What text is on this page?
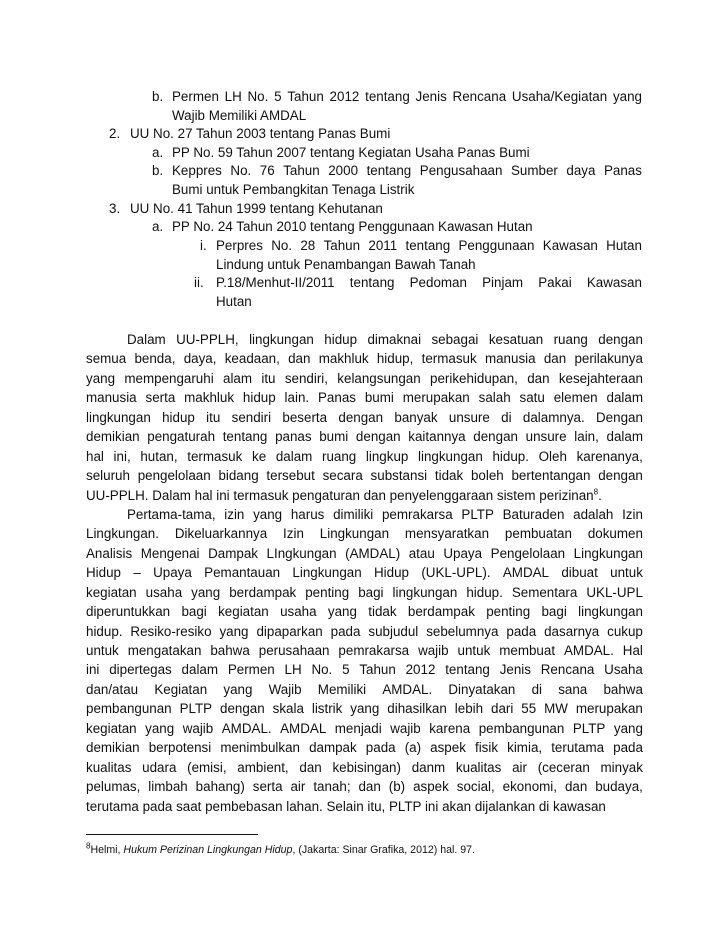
b. Permen LH No. 5 Tahun 2012 tentang Jenis Rencana Usaha/Kegiatan yang
Wajib Memiliki AMDAL
2. UU No. 27 Tahun 2003 tentang Panas Bumi
a. PP No. 59 Tahun 2007 tentang Kegiatan Usaha Panas Bumi
b. Keppres No. 76 Tahun 2000 tentang Pengusahaan Sumber daya Panas
Bumi untuk Pembangkitan Tenaga Listrik
3. UU No. 41 Tahun 1999 tentang Kehutanan
a. PP No. 24 Tahun 2010 tentang Penggunaan Kawasan Hutan
i. Perpres No. 28 Tahun 2011 tentang Penggunaan Kawasan Hutan
Lindung untuk Penambangan Bawah Tanah
ii. P.18/Menhut-II/2011 tentang Pedoman Pinjam Pakai Kawasan
Hutan
Dalam UU-PPLH, lingkungan hidup dimaknai sebagai kesatuan ruang dengan
semua benda, daya, keadaan, dan makhluk hidup, termasuk manusia dan perilakunya
yang mempengaruhi alam itu sendiri, kelangsungan perikehidupan, dan kesejahteraan
manusia serta makhluk hidup lain. Panas bumi merupakan salah satu elemen dalam
lingkungan hidup itu sendiri beserta dengan banyak unsure di dalamnya. Dengan
demikian pengaturah tentang panas bumi dengan kaitannya dengan unsure lain, dalam
hal ini, hutan, termasuk ke dalam ruang lingkup lingkungan hidup. Oleh karenanya,
seluruh pengelolaan bidang tersebut secara substansi tidak boleh bertentangan dengan
UU-PPLH. Dalam hal ini termasuk pengaturan dan penyelenggaraan sistem perizinan$^8$.
Pertama-tama, izin yang harus dimiliki pemrakarsa PLTP Baturaden adalah Izin
Lingkungan. Dikeluarkannya Izin Lingkungan mensyaratkan pembuatan dokumen
Analisis Mengenai Dampak LIngkungan (AMDAL) atau Upaya Pengelolaan Lingkungan
Hidup – Upaya Pemantauan Lingkungan Hidup (UKL-UPL). AMDAL dibuat untuk
kegiatan usaha yang berdampak penting bagi lingkungan hidup. Sementara UKL-UPL
diperuntukkan bagi kegiatan usaha yang tidak berdampak penting bagi lingkungan
hidup. Resiko-resiko yang dipaparkan pada subjudul sebelumnya pada dasarnya cukup
untuk mengatakan bahwa perusahaan pemrakarsa wajib untuk membuat AMDAL. Hal
ini dipertegas dalam Permen LH No. 5 Tahun 2012 tentang Jenis Rencana Usaha
dan/atau Kegiatan yang Wajib Memiliki AMDAL. Dinyatakan di sana bahwa
pembangunan PLTP dengan skala listrik yang dihasilkan lebih dari 55 MW merupakan
kegiatan yang wajib AMDAL. AMDAL menjadi wajib karena pembangunan PLTP yang
demikian berpotensi menimbulkan dampak pada (a) aspek fisik kimia, terutama pada
kualitas udara (emisi, ambient, dan kebisingan) danm kualitas air (ceceran minyak
pelumas, limbah bahang) serta air tanah; dan (b) aspek social, ekonomi, dan budaya,
terutama pada saat pembebasan lahan. Selain itu, PLTP ini akan dijalankan di kawasan
$^8$Helmi, Hukum Perizinan Lingkungan Hidup, (Jakarta: Sinar Grafika, 2012) hal. 97.
